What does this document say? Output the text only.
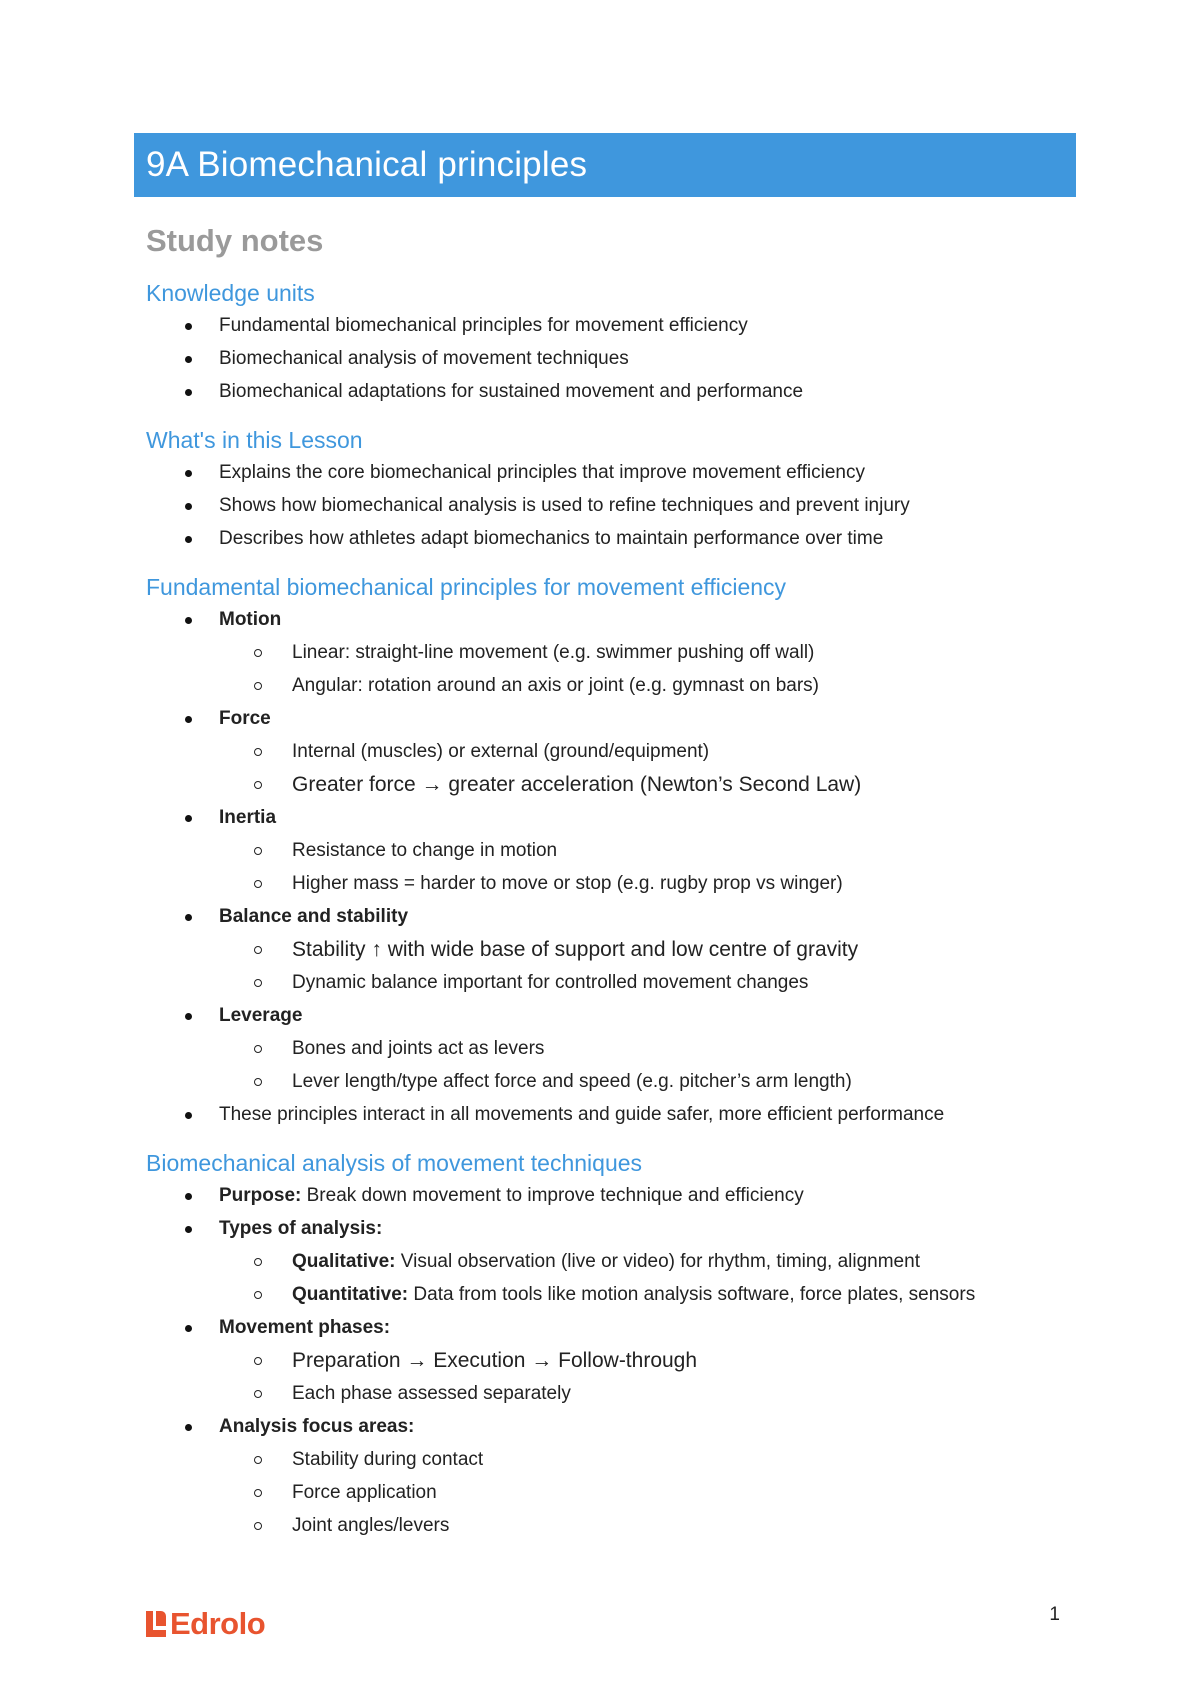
9A Biomechanical principles
Study notes
Knowledge units
Fundamental biomechanical principles for movement efficiency
Biomechanical analysis of movement techniques
Biomechanical adaptations for sustained movement and performance
What's in this Lesson
Explains the core biomechanical principles that improve movement efficiency
Shows how biomechanical analysis is used to refine techniques and prevent injury
Describes how athletes adapt biomechanics to maintain performance over time
Fundamental biomechanical principles for movement efficiency
Motion
Linear: straight-line movement (e.g. swimmer pushing off wall)
Angular: rotation around an axis or joint (e.g. gymnast on bars)
Force
Internal (muscles) or external (ground/equipment)
Greater force → greater acceleration (Newton’s Second Law)
Inertia
Resistance to change in motion
Higher mass = harder to move or stop (e.g. rugby prop vs winger)
Balance and stability
Stability ↑ with wide base of support and low centre of gravity
Dynamic balance important for controlled movement changes
Leverage
Bones and joints act as levers
Lever length/type affect force and speed (e.g. pitcher’s arm length)
These principles interact in all movements and guide safer, more efficient performance
Biomechanical analysis of movement techniques
Purpose: Break down movement to improve technique and efficiency
Types of analysis:
Qualitative: Visual observation (live or video) for rhythm, timing, alignment
Quantitative: Data from tools like motion analysis software, force plates, sensors
Movement phases:
Preparation → Execution → Follow-through
Each phase assessed separately
Analysis focus areas:
Stability during contact
Force application
Joint angles/levers
Edrolo	1
